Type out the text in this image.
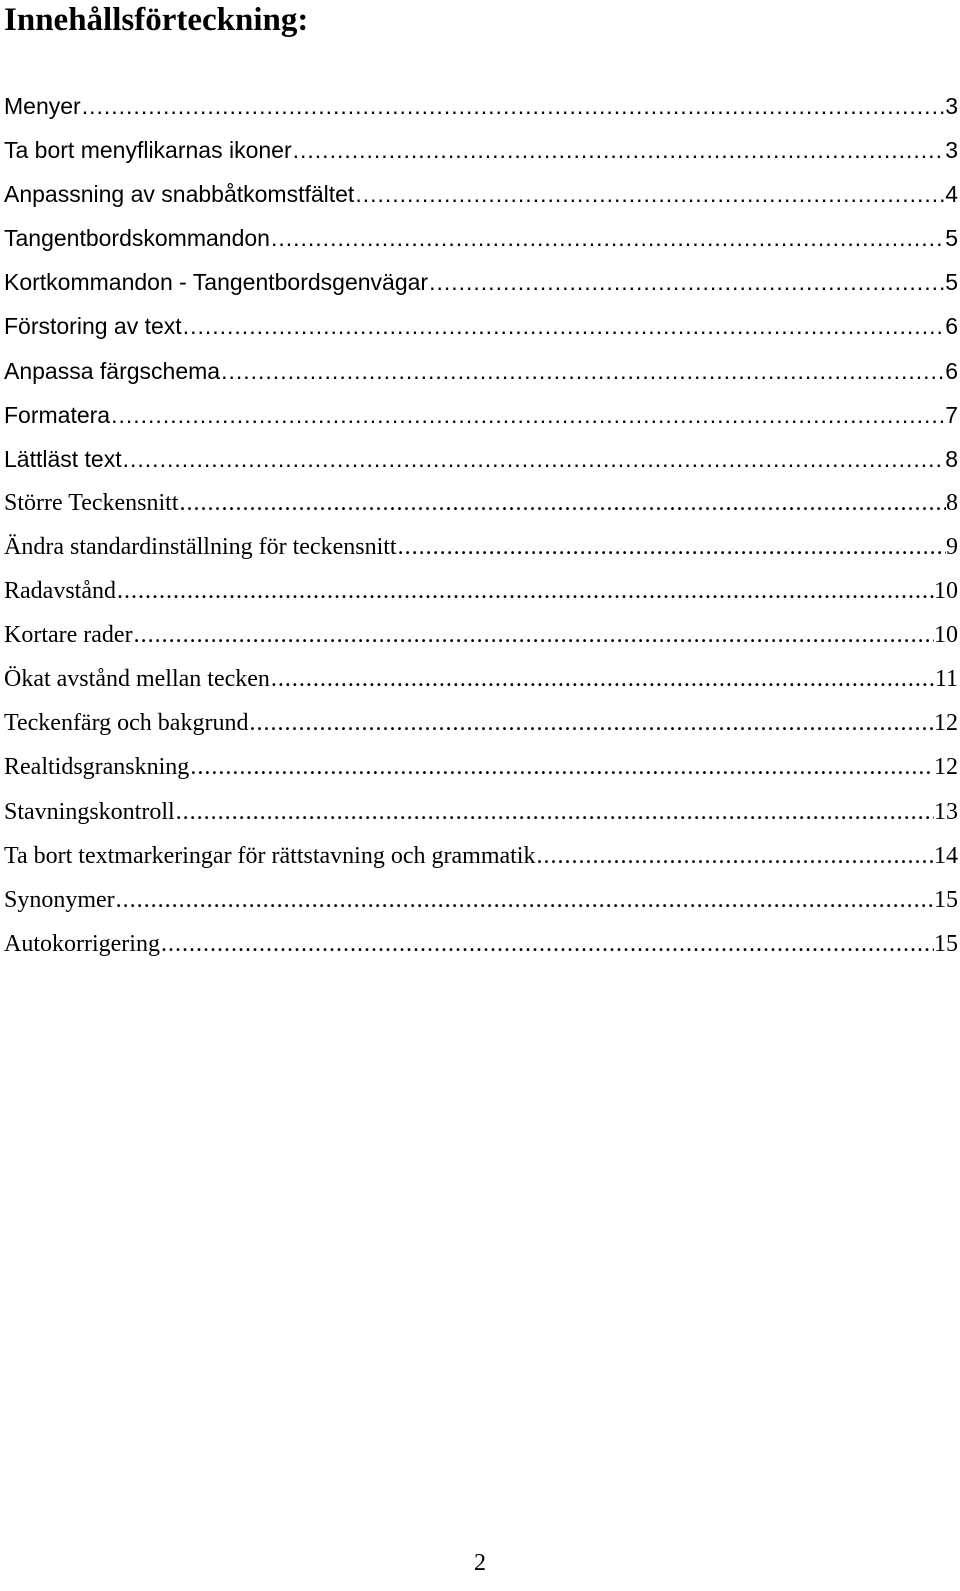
Innehållsförteckning:
Menyer .....	3
Ta bort menyflikarnas ikoner .....	3
Anpassning av snabbåtkomstfältet .....	4
Tangentbordskommandon .....	5
Kortkommandon - Tangentbordsgenvägar .....	5
Förstoring av text .....	6
Anpassa färgschema .....	6
Formatera .....	7
Lättläst text .....	8
Större Teckensnitt .....	8
Ändra standardinställning för teckensnitt .....	9
Radavstånd .....	10
Kortare rader .....	10
Ökat avstånd mellan tecken .....	11
Teckenfärg och bakgrund .....	12
Realtidsgranskning .....	12
Stavningskontroll .....	13
Ta bort textmarkeringar för rättstavning och grammatik .....	14
Synonymer .....	15
Autokorrigering .....	15
2
